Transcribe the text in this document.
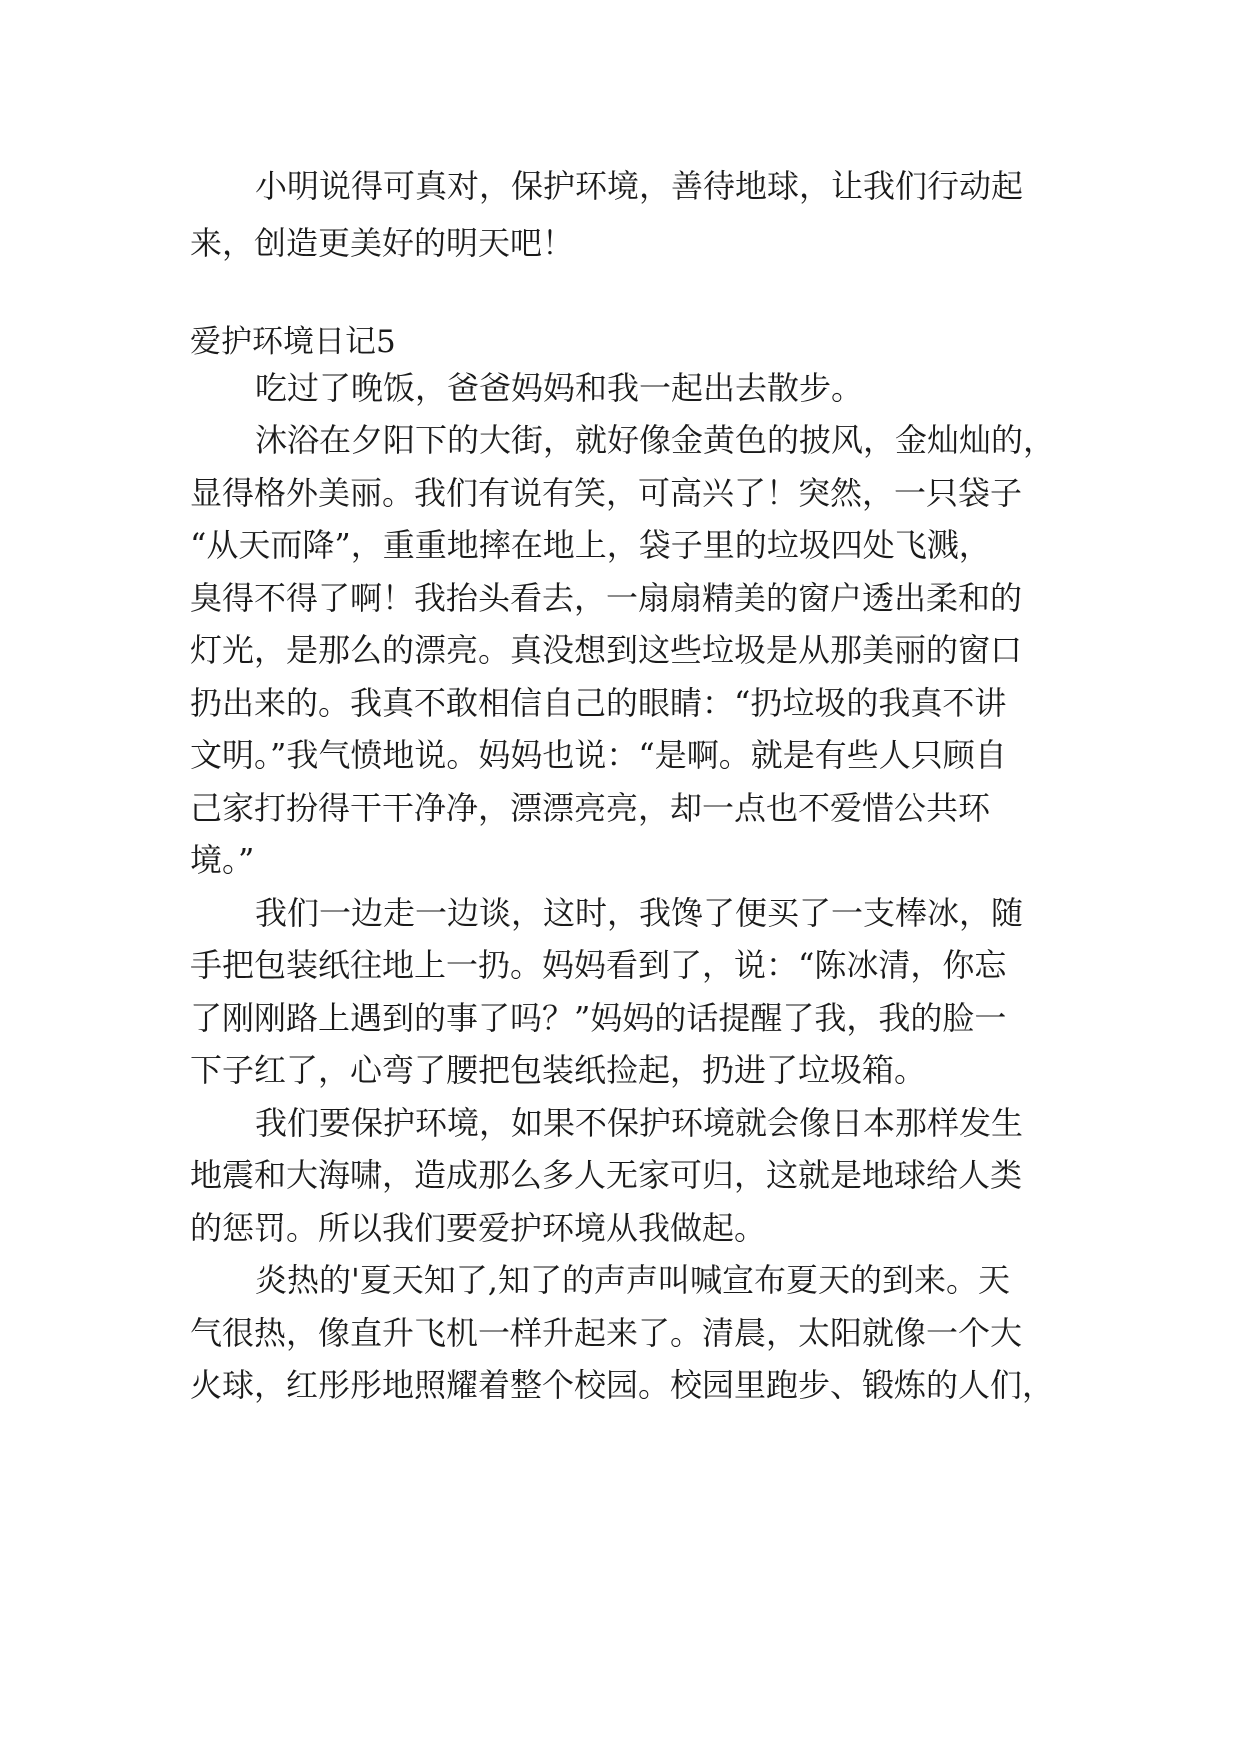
小明说得可真对，保护环境，善待地球，让我们行动起

来，创造更美好的明天吧！

爱护环境日记5

吃过了晚饭，爸爸妈妈和我一起出去散步。

沐浴在夕阳下的大街，就好像金黄色的披风，金灿灿的，

显得格外美丽。我们有说有笑，可高兴了！突然，一只袋子

“从天而降”，重重地摔在地上，袋子里的垃圾四处飞溅，

臭得不得了啊！我抬头看去，一扇扇精美的窗户透出柔和的

灯光，是那么的漂亮。真没想到这些垃圾是从那美丽的窗口

扔出来的。我真不敢相信自己的眼睛：“扔垃圾的我真不讲

文明。”我气愤地说。妈妈也说：“是啊。就是有些人只顾自

己家打扮得干干净净，漂漂亮亮，却一点也不爱惜公共环

境。”

我们一边走一边谈，这时，我馋了便买了一支棒冰，随

手把包装纸往地上一扔。妈妈看到了，说：“陈冰清，你忘

了刚刚路上遇到的事了吗？”妈妈的话提醒了我，我的脸一

下子红了，心弯了腰把包装纸捡起，扔进了垃圾箱。

我们要保护环境，如果不保护环境就会像日本那样发生

地震和大海啸，造成那么多人无家可归，这就是地球给人类

的惩罚。所以我们要爱护环境从我做起。

炎热的'夏天知了,知了的声声叫喊宣布夏天的到来。天

气很热，像直升飞机一样升起来了。清晨，太阳就像一个大

火球，红彤彤地照耀着整个校园。校园里跑步、锻炼的人们，
